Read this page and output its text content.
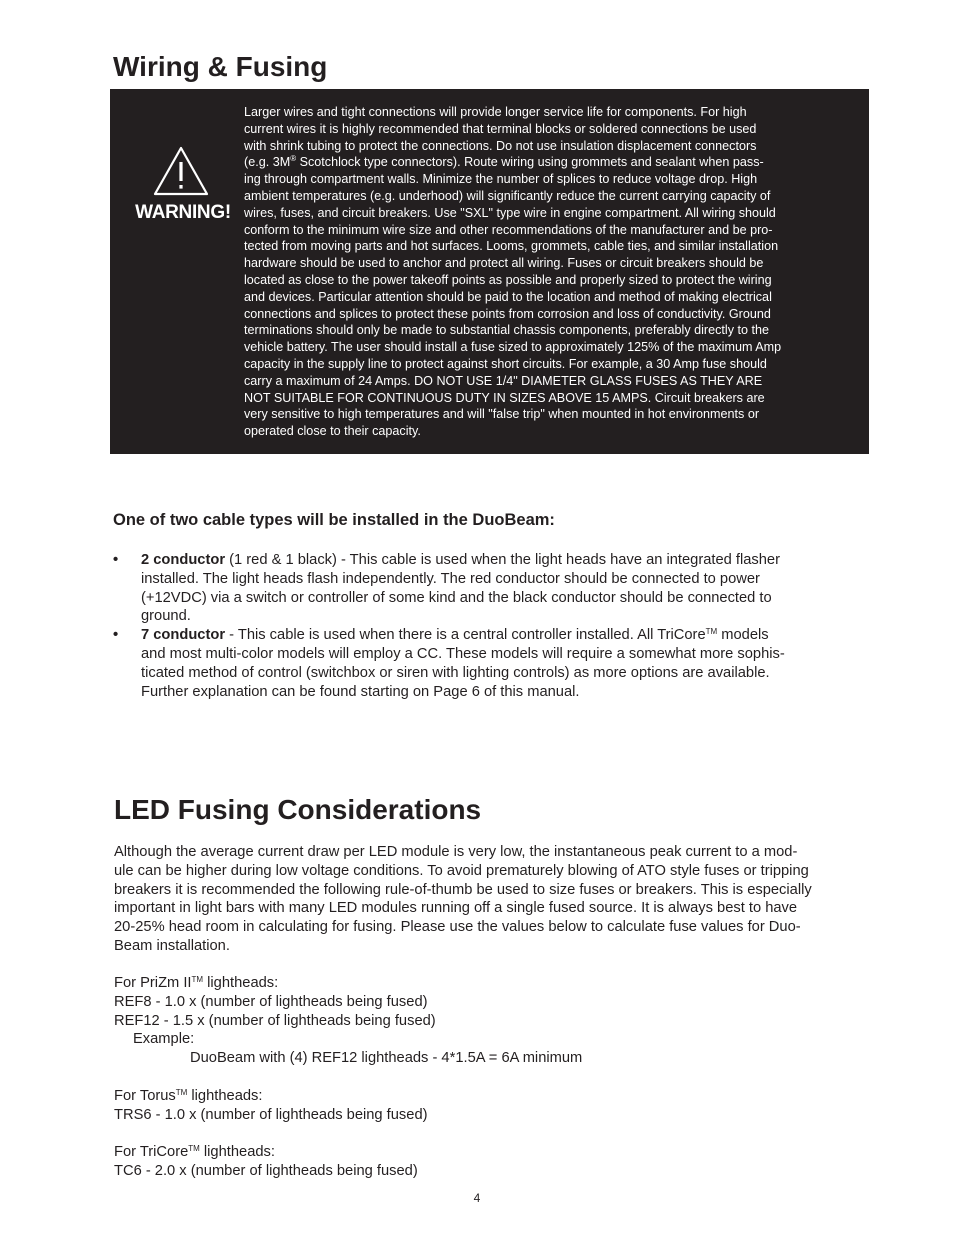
Wiring & Fusing
WARNING!

Larger wires and tight connections will provide longer service life for components. For high

current wires it is highly recommended that terminal blocks or soldered connections be used

with shrink tubing to protect the connections. Do not use insulation displacement connectors

(e.g. 3M® Scotchlock type connectors). Route wiring using grommets and sealant when pass-

ing through compartment walls. Minimize the number of splices to reduce voltage drop. High

ambient temperatures (e.g. underhood) will significantly reduce the current carrying capacity of

wires, fuses, and circuit breakers. Use "SXL" type wire in engine compartment. All wiring should

conform to the minimum wire size and other recommendations of the manufacturer and be pro-

tected from moving parts and hot surfaces. Looms, grommets, cable ties, and similar installation

hardware should be used to anchor and protect all wiring. Fuses or circuit breakers should be

located as close to the power takeoff points as possible and properly sized to protect the wiring

and devices. Particular attention should be paid to the location and method of making electrical

connections and splices to protect these points from corrosion and loss of conductivity. Ground

terminations should only be made to substantial chassis components, preferably directly to the

vehicle battery. The user should install a fuse sized to approximately 125% of the maximum Amp

capacity in the supply line to protect against short circuits. For example, a 30 Amp fuse should

carry a maximum of 24 Amps. DO NOT USE 1/4" DIAMETER GLASS FUSES AS THEY ARE

NOT SUITABLE FOR CONTINUOUS DUTY IN SIZES ABOVE 15 AMPS. Circuit breakers are

very sensitive to high temperatures and will "false trip" when mounted in hot environments or

operated close to their capacity.

One of two cable types will be installed in the DuoBeam:
• 2 conductor (1 red & 1 black) - This cable is used when the light heads have an integrated flasher
installed. The light heads flash independently. The red conductor should be connected to power
(+12VDC) via a switch or controller of some kind and the black conductor should be connected to
ground.
• 7 conductor - This cable is used when there is a central controller installed. All TriCore™ models
and most multi-color models will employ a CC. These models will require a somewhat more sophis-
ticated method of control (switchbox or siren with lighting controls) as more options are available.
Further explanation can be found starting on Page 6 of this manual.
LED Fusing Considerations
Although the average current draw per LED module is very low, the instantaneous peak current to a mod-
ule can be higher during low voltage conditions. To avoid prematurely blowing of ATO style fuses or tripping
breakers it is recommended the following rule-of-thumb be used to size fuses or breakers. This is especially
important in light bars with many LED modules running off a single fused source. It is always best to have
20-25% head room in calculating for fusing. Please use the values below to calculate fuse values for Duo-
Beam installation.

For PriZm II™ lightheads:

REF8 - 1.0 x (number of lightheads being fused)

REF12 - 1.5 x (number of lightheads being fused)

Example:

DuoBeam with (4) REF12 lightheads - 4*1.5A = 6A minimum

For Torus™ lightheads:

TRS6 - 1.0 x (number of lightheads being fused)

For TriCore™ lightheads:

TC6 - 2.0 x (number of lightheads being fused)

4
